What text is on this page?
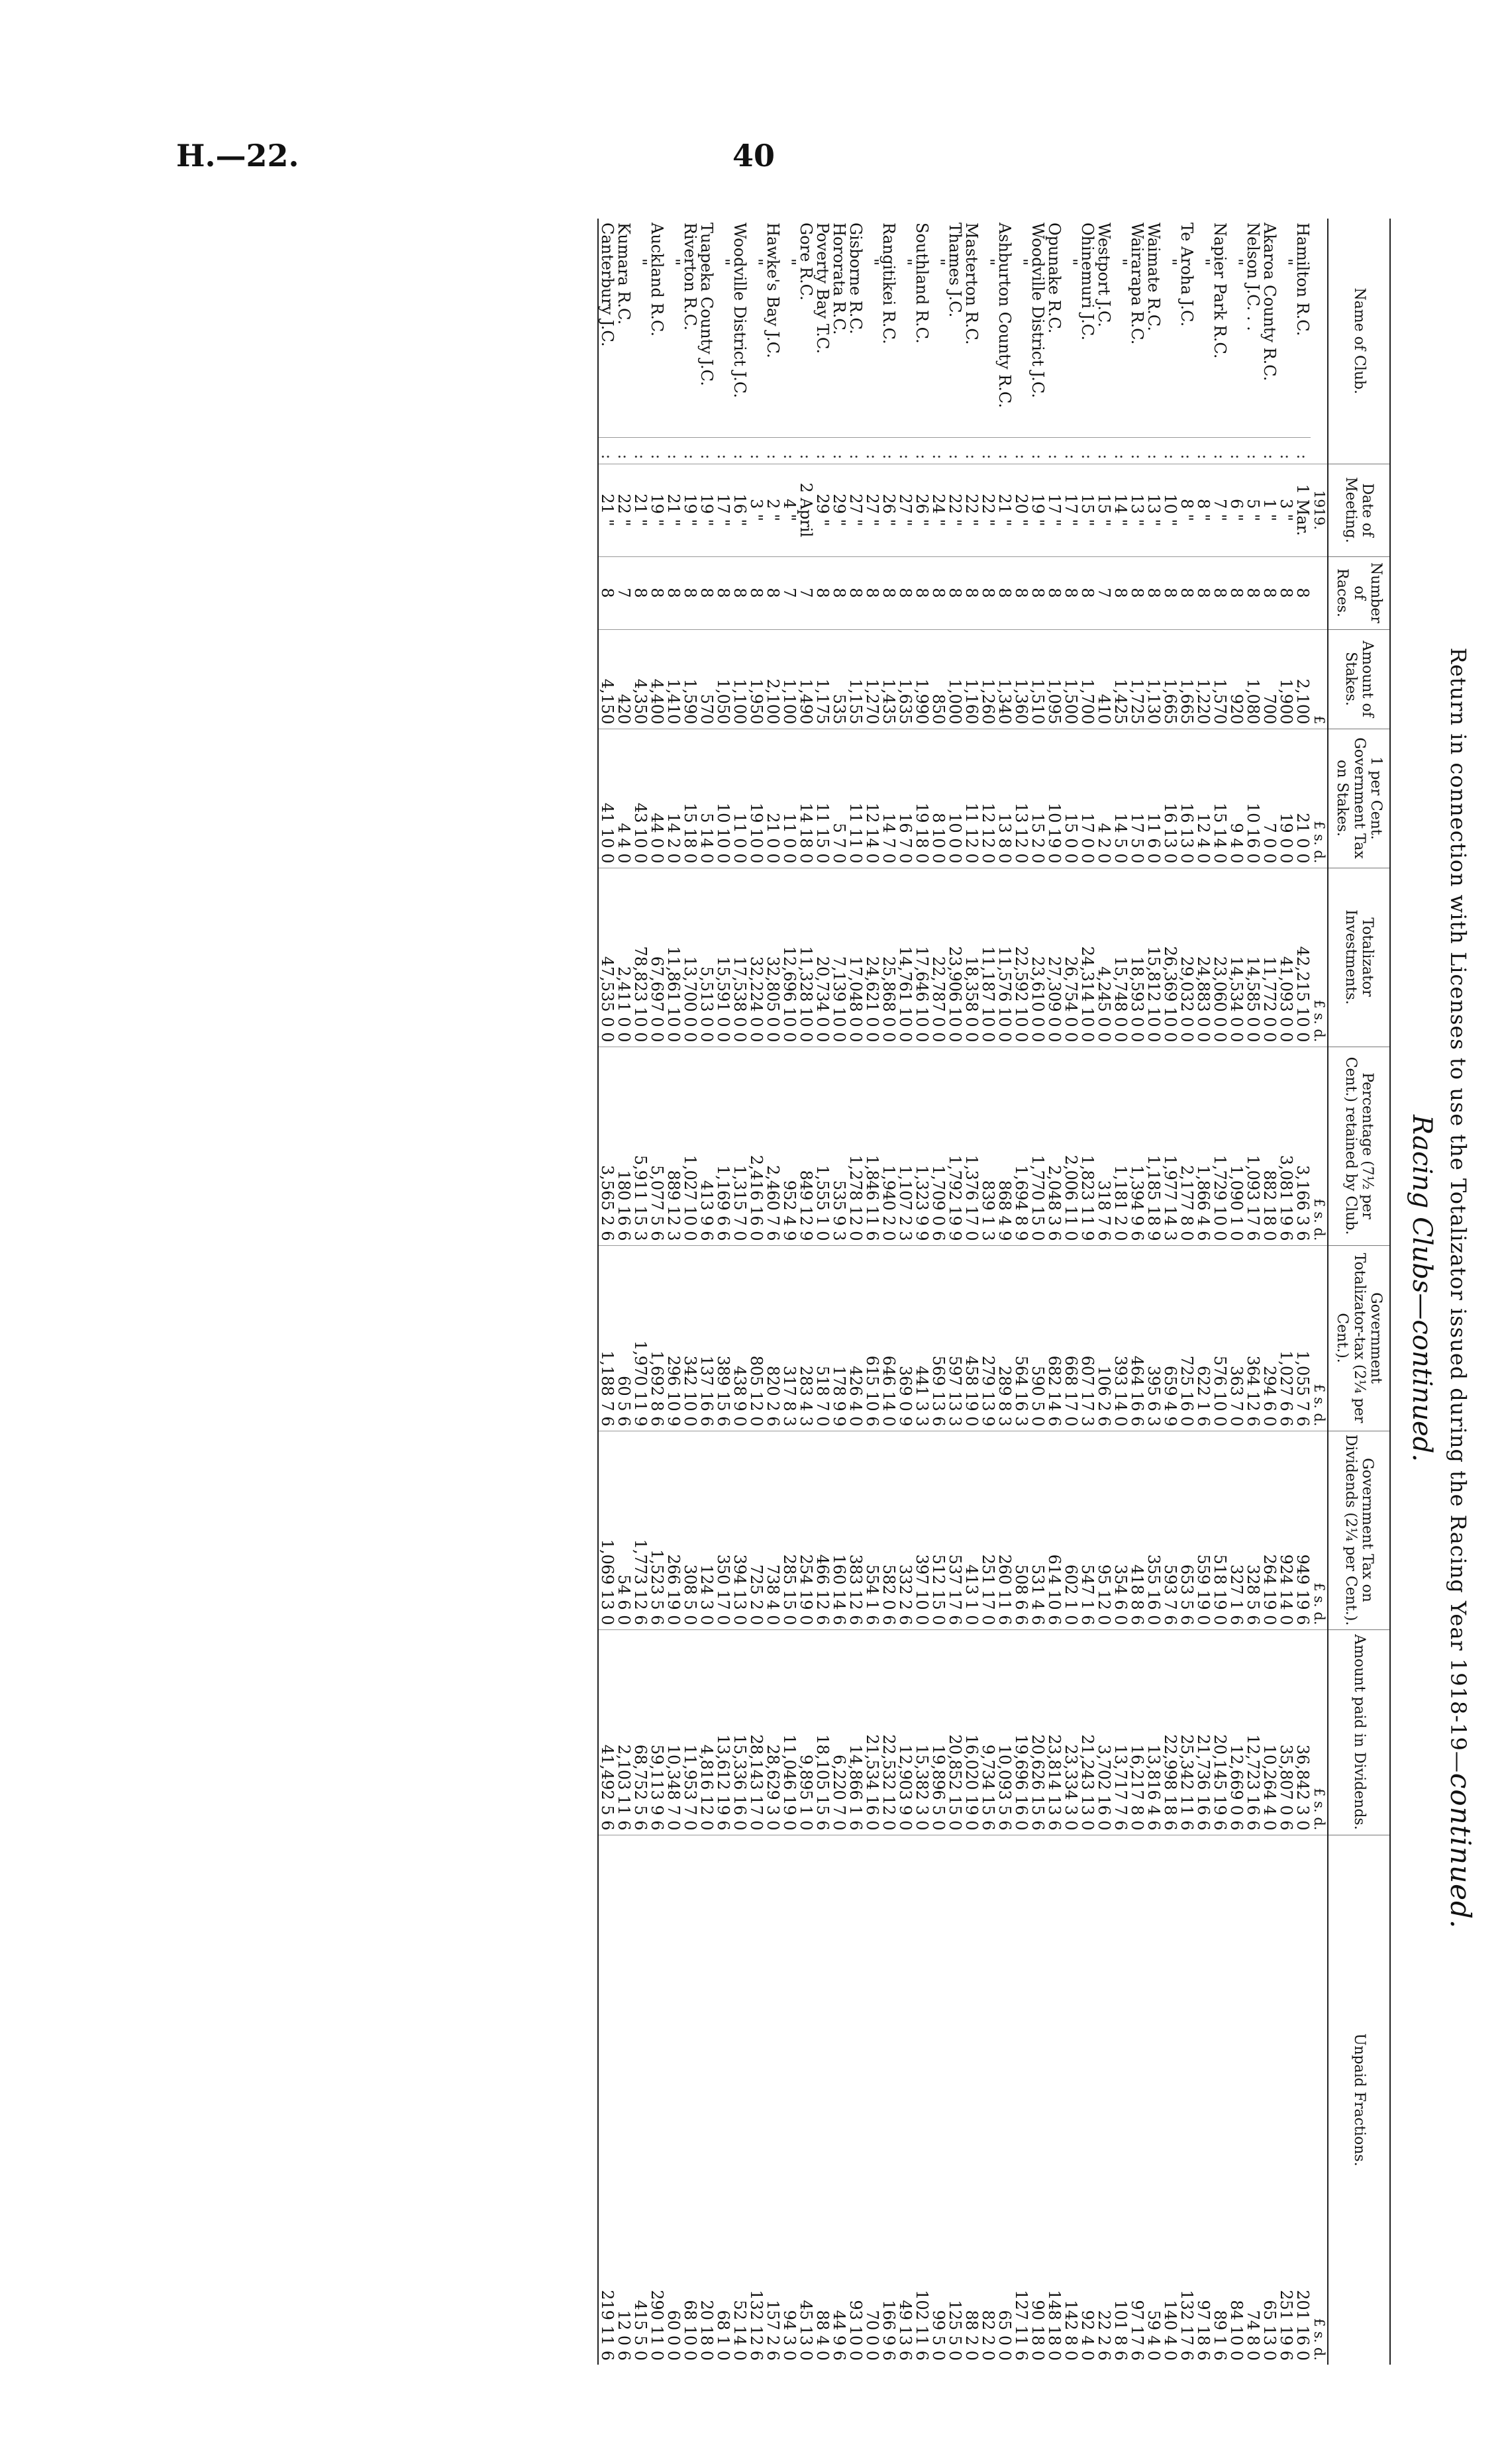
H.—22.	40
Return in connection with Licenses to use the Totalizator issued during the Racing Year 1918-19—continued.
Racing Clubs—continued.
Name of Club.		Date of Meeting.	Number of Races.	Amount of Stakes.	1 per Cent. Government Tax on Stakes.	Totalizator Investments.	Percentage (7½ per Cent.) retained by Club.	Government Totalizator-tax (2¼ per Cent.).	Government Tax on Dividends (2¼ per Cent.).	Amount paid in Dividends.	Unpaid Fractions.
		1919.		£	£ s. d.	£ s. d.	£ s. d.	£ s. d.	£ s. d.	£ s. d.	£ s. d.
Hamilton R.C.	:	1 Mar.	8	2,100	21 0 0	42,215 10 0	3,166 3 6	1,055 7 6	949 19 6	36,842 3 0	201 16 0
"	:	3 "	8	1,900	19 0 0	41,093 0 0	3,081 19 6	1,027 6 6	924 14 0	35,807 0 6	251 19 6
Akaroa County R.C.	:	1 "	8	700	7 0 0	11,772 0 0	882 18 0	294 6 0	264 19 0	10,264 4 0	65 13 0
Nelson J.C. . .	:	5 "	8	1,080	10 16 0	14,585 0 0	1,093 17 6	364 12 6	328 5 6	12,723 16 6	74 8 0
"	:	6 "	8	920	9 4 0	14,534 0 0	1,090 1 0	363 7 0	327 1 6	12,669 0 6	84 10 0
Napier Park R.C.	:	7 "	8	1,570	15 14 0	23,060 0 0	1,729 10 0	576 10 0	518 19 0	20,145 19 6	89 1 6
"	:	8 "	8	1,220	12 4 0	24,883 0 0	1,866 4 6	622 1 6	559 19 0	21,736 16 6	97 18 6
Te Aroha J.C.	:	8 "	8	1,665	16 13 0	29,032 0 0	2,177 8 0	725 16 0	653 5 6	25,342 11 6	132 17 6
"	:	10 "	8	1,665	16 13 0	26,369 10 0	1,977 14 3	659 4 9	593 7 6	22,998 18 6	140 4 0
Waimate R.C.	:	13 "	8	1,130	11 6 0	15,812 10 0	1,185 18 9	395 6 3	355 16 0	13,816 4 6	59 4 0
Wairarapa R.C.	:	13 "	8	1,725	17 5 0	18,593 0 0	1,394 9 6	464 16 6	418 8 6	16,217 8 0	97 17 6
"	:	14 "	8	1,425	14 5 0	15,748 0 0	1,181 2 0	393 14 0	354 6 0	13,717 7 6	101 8 6
Westport J.C.	:	15 "	7	410	4 2 0	4,245 0 0	318 7 6	106 2 6	95 12 0	3,702 16 0	22 2 6
Ohinemuri J.C.	:	15 "	8	1,700	17 0 0	24,314 10 0	1,823 11 9	607 17 3	547 1 6	21,243 13 0	92 4 0
"	:	17 "	8	1,500	15 0 0	26,754 0 0	2,006 11 0	668 17 0	602 1 0	23,334 3 0	142 8 0
Opunake R.C.	:	17 "	8	1,095	10 19 0	27,309 0 0	2,048 3 6	682 14 6	614 10 6	23,814 13 6	148 18 0
Woodville District J.C.	:	19 "	8	1,510	15 2 0	23,610 0 0	1,770 15 0	590 5 0	531 4 6	20,626 15 6	90 18 0
"	:	20 "	8	1,360	13 12 0	22,592 10 0	1,694 8 9	564 16 3	508 6 6	19,696 16 0	127 11 6
Ashburton County R.C.	:	21 "	8	1,340	13 8 0	11,576 10 0	868 4 9	289 8 3	260 11 6	10,093 5 6	65 0 0
"	:	22 "	8	1,260	12 12 0	11,187 10 0	839 1 3	279 13 9	251 17 0	9,734 15 6	82 2 0
Masterton R.C.	:	22 "	8	1,160	11 12 0	18,358 0 0	1,376 17 0	458 19 0	413 1 0	16,020 19 0	88 2 0
Thames J.C.	:	22 "	8	1,000	10 0 0	23,906 10 0	1,792 19 9	597 13 3	537 17 6	20,852 15 0	125 5 0
"	:	24 "	8	850	8 10 0	22,787 0 0	1,709 0 6	569 13 6	512 15 0	19,896 5 0	99 5 0
Southland R.C.	:	26 "	8	1,990	19 18 0	17,646 10 0	1,323 9 9	441 3 3	397 10 0	15,382 3 0	102 11 6
"	:	27 "	8	1,635	16 7 0	14,761 10 0	1,107 2 3	369 0 9	332 2 6	12,903 9 0	49 13 6
Rangitikei R.C.	:	26 "	8	1,435	14 7 0	25,868 0 0	1,940 2 0	646 14 0	582 0 6	22,532 12 0	166 9 6
"	:	27 "	8	1,270	12 14 0	24,621 0 0	1,846 11 6	615 10 6	554 1 6	21,534 16 0	70 0 0
Gisborne R.C.	:	27 "	8	1,155	11 11 0	17,048 0 0	1,278 12 0	426 4 0	383 12 6	14,866 1 6	93 10 0
Hororata R.C.	:	29 "	8	535	5 7 0	7,139 10 0	535 9 3	178 9 9	160 14 6	6,220 7 0	44 9 6
Poverty Bay T.C.	:	29 "	8	1,175	11 15 0	20,734 0 0	1,555 1 0	518 7 0	466 12 6	18,105 15 6	88 4 0
Gore R.C.	:	2 April	7	1,490	14 18 0	11,328 10 0	849 12 9	283 4 3	254 19 0	9,895 1 0	45 13 0
"	:	4 "	7	1,100	11 0 0	12,696 10 0	952 4 9	317 8 3	285 15 0	11,046 19 0	94 3 0
Hawke's Bay J.C.	:	2 "	8	2,100	21 0 0	32,805 0 0	2,460 7 6	820 2 6	738 4 0	28,629 3 0	157 2 6
"	:	3 "	8	1,950	19 10 0	32,224 0 0	2,416 16 0	805 12 0	725 2 0	28,143 17 0	132 12 6
Woodville District J.C.	:	16 "	8	1,100	11 0 0	17,538 0 0	1,315 7 0	438 9 0	394 13 0	15,336 16 0	52 14 0
"	:	17 "	8	1,050	10 10 0	15,591 0 0	1,169 6 6	389 15 6	350 17 0	13,612 19 6	68 1 0
Tuapeka County J.C.	:	19 "	8	570	5 14 0	5,513 0 0	413 9 6	137 16 6	124 3 0	4,816 12 0	20 18 0
Riverton R.C.	:	19 "	8	1,590	15 18 0	13,700 0 0	1,027 10 0	342 10 0	308 5 0	11,953 7 0	68 10 0
"	:	21 "	8	1,410	14 2 0	11,861 10 0	889 12 3	296 10 9	266 19 0	10,348 7 0	60 0 0
Auckland R.C.	:	19 "	8	4,400	44 0 0	67,697 0 0	5,077 5 6	1,692 8 6	1,523 5 6	59,113 9 6	290 11 0
"	:	21 "	8	4,350	43 10 0	78,823 10 0	5,911 15 3	1,970 11 9	1,773 12 6	68,752 5 6	415 5 0
Kumara R.C.	:	22 "	7	420	4 4 0	2,411 0 0	180 16 6	60 5 6	54 6 0	2,103 11 6	12 0 6
Canterbury J.C.	:	21 "	8	4,150	41 10 0	47,535 0 0	3,565 2 6	1,188 7 6	1,069 13 0	41,492 5 6	219 11 6
